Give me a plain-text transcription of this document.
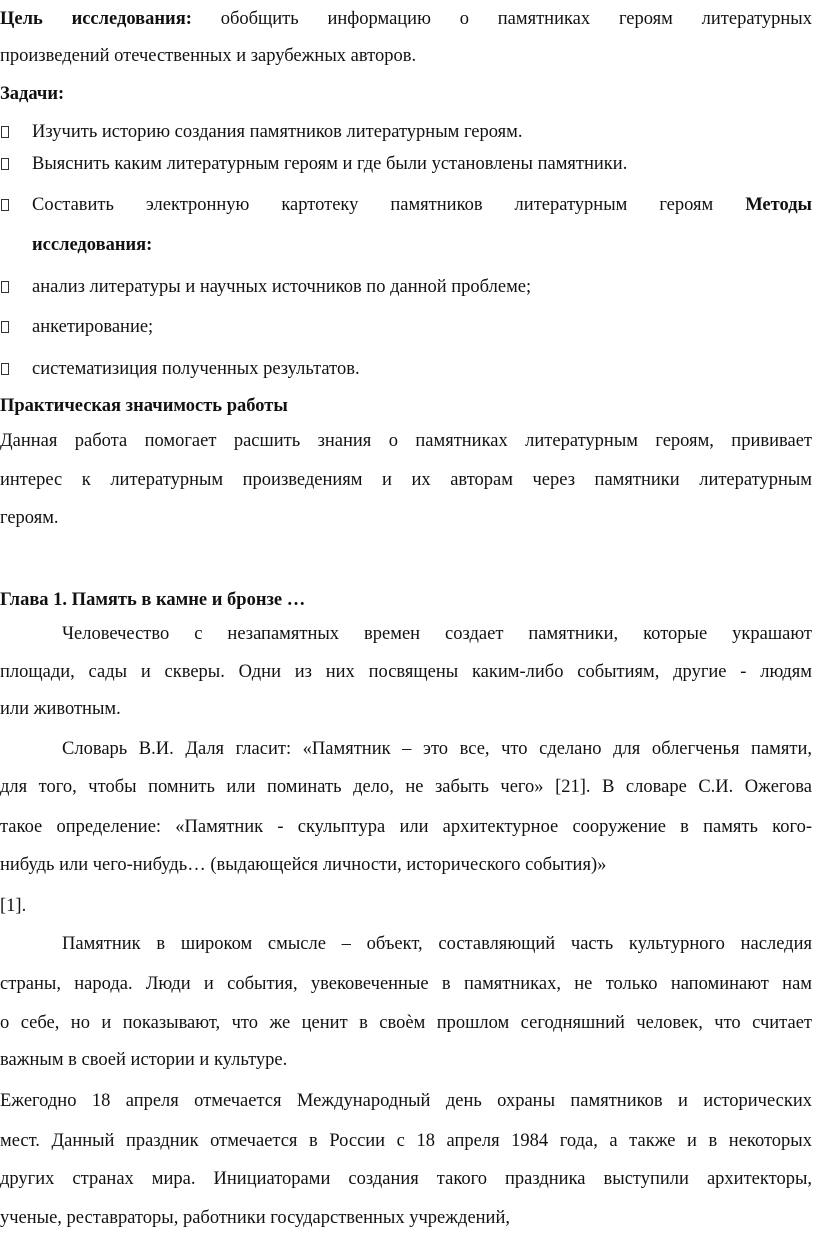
Цель исследования: обобщить информацию о памятниках героям литературных
произведений отечественных и зарубежных авторов.
Задачи:
Изучить историю создания памятников литературным героям.
Выяснить каким литературным героям и где были установлены памятники.
Составить электронную картотеку памятников литературным героям Методы
исследования:
анализ литературы и научных источников по данной проблеме;
анкетирование;
систематизиция полученных результатов.
Практическая значимость работы
Данная работа помогает расшить знания о памятниках литературным героям, прививает
интерес к литературным произведениям и их авторам через памятники литературным
героям.
Глава 1. Память в камне и бронзе …
Человечество с незапамятных времен создает памятники, которые украшают
площади, сады и скверы. Одни из них посвящены каким-либо событиям, другие - людям
или животным.
Словарь В.И. Даля гласит: «Памятник – это все, что сделано для облегченья памяти,
для того, чтобы помнить или поминать дело, не забыть чего» [21]. В словаре С.И. Ожегова
такое определение: «Памятник - скульптура или архитектурное сооружение в память кого-
нибудь или чего-нибудь… (выдающейся личности, исторического события)»
[1].
Памятник в широком смысле – объект, составляющий часть культурного наследия
страны, народа. Люди и события, увековеченные в памятниках, не только напоминают нам
о себе, но и показывают, что же ценит в своѐм прошлом сегодняшний человек, что считает
важным в своей истории и культуре.
Ежегодно 18 апреля отмечается Международный день охраны памятников и исторических
мест. Данный праздник отмечается в России с 18 апреля 1984 года, а также и в некоторых
других странах мира. Инициаторами создания такого праздника выступили архитекторы,
ученые, реставраторы, работники государственных учреждений,
